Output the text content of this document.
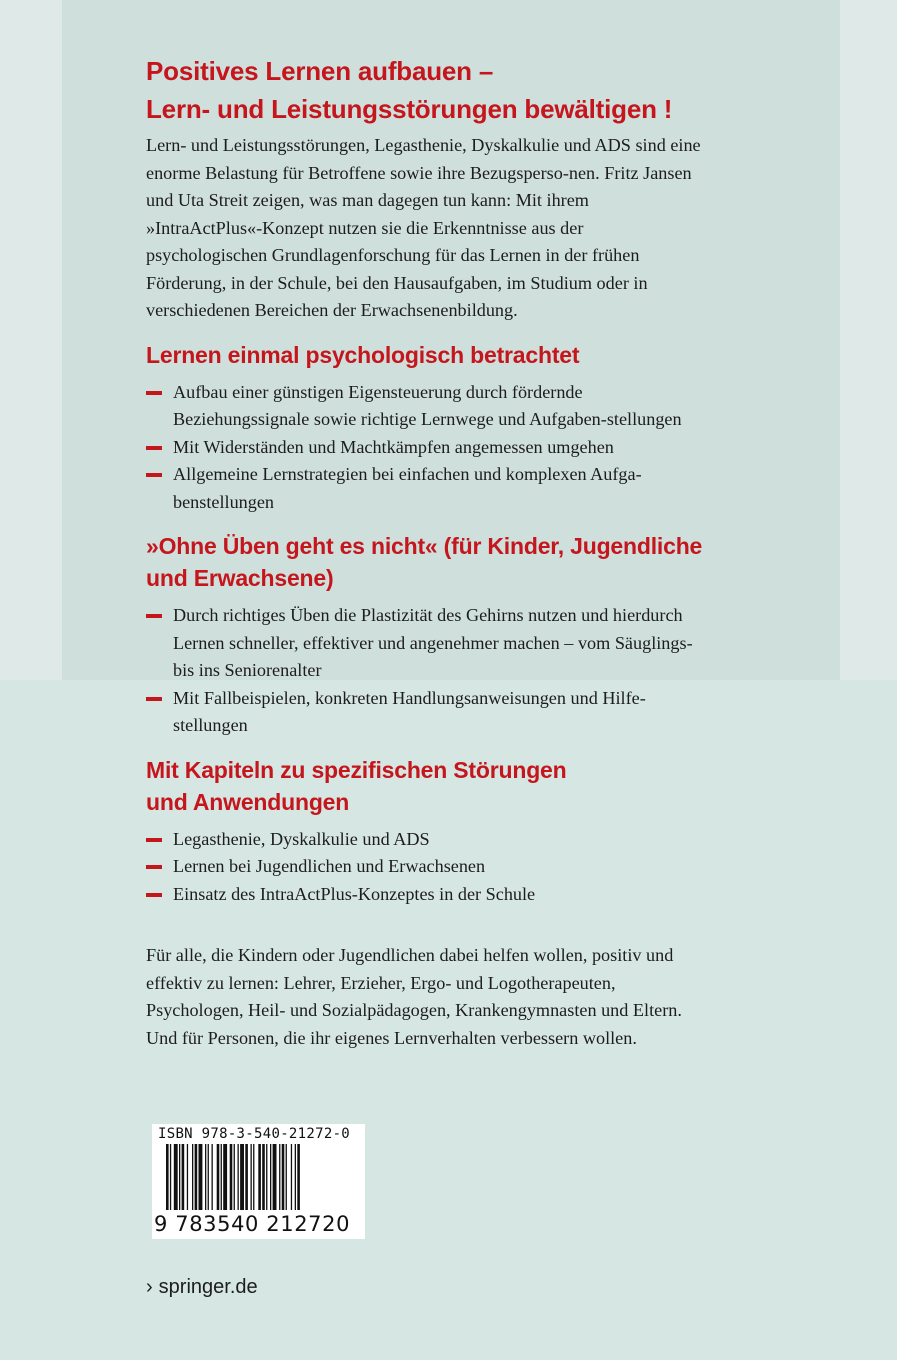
Positives Lernen aufbauen –
Lern- und Leistungsstörungen bewältigen !

Lern- und Leistungsstörungen, Legasthenie, Dyskalkulie und ADS sind eine enorme Belastung für Betroffene sowie ihre Bezugsperso-nen. Fritz Jansen und Uta Streit zeigen, was man dagegen tun kann: Mit ihrem »IntraActPlus«-Konzept nutzen sie die Erkenntnisse aus der psychologischen Grundlagenforschung für das Lernen in der frühen Förderung, in der Schule, bei den Hausaufgaben, im Studium oder in verschiedenen Bereichen der Erwachsenenbildung.

Lernen einmal psychologisch betrachtet
Aufbau einer günstigen Eigensteuerung durch fördernde Beziehungssignale sowie richtige Lernwege und Aufgaben-stellungen
Mit Widerständen und Machtkämpfen angemessen umgehen
Allgemeine Lernstrategien bei einfachen und komplexen Aufga-benstellungen
»Ohne Üben geht es nicht« (für Kinder, Jugendliche
und Erwachsene)
Durch richtiges Üben die Plastizität des Gehirns nutzen und hierdurch Lernen schneller, effektiver und angenehmer machen – vom Säuglings- bis ins Seniorenalter
Mit Fallbeispielen, konkreten Handlungsanweisungen und Hilfe-stellungen
Mit Kapiteln zu spezifischen Störungen
und Anwendungen
Legasthenie, Dyskalkulie und ADS
Lernen bei Jugendlichen und Erwachsenen
Einsatz des IntraActPlus-Konzeptes in der Schule

Für alle, die Kindern oder Jugendlichen dabei helfen wollen, positiv und effektiv zu lernen: Lehrer, Erzieher, Ergo- und Logotherapeuten, Psychologen, Heil- und Sozialpädagogen, Krankengymnasten und Eltern. Und für Personen, die ihr eigenes Lernverhalten verbessern wollen.

ISBN 978-3-540-21272-0
9 783540 212720
› springer.de
